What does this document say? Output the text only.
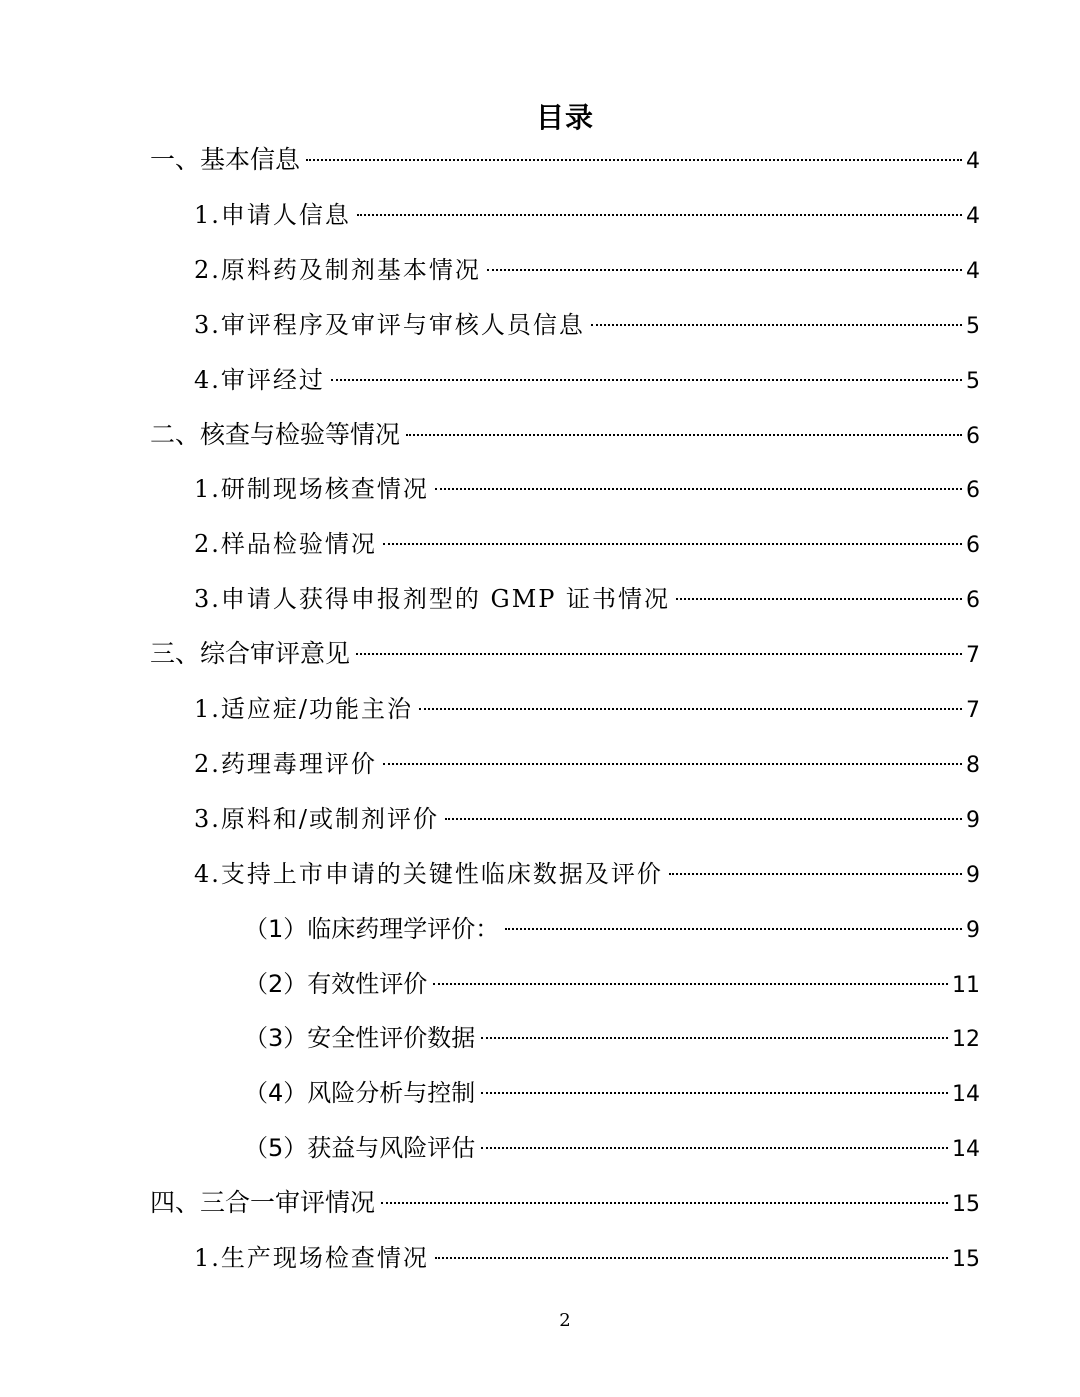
目录
一、基本信息	4
1.申请人信息	4
2.原料药及制剂基本情况	4
3.审评程序及审评与审核人员信息	5
4.审评经过	5
二、核查与检验等情况	6
1.研制现场核查情况	6
2.样品检验情况	6
3.申请人获得申报剂型的 GMP 证书情况	6
三、综合审评意见	7
1.适应症/功能主治	7
2.药理毒理评价	8
3.原料和/或制剂评价	9
4.支持上市申请的关键性临床数据及评价	9
（1）临床药理学评价：	9
（2）有效性评价	11
（3）安全性评价数据	12
（4）风险分析与控制	14
（5）获益与风险评估	14
四、三合一审评情况	15
1.生产现场检查情况	15
2
